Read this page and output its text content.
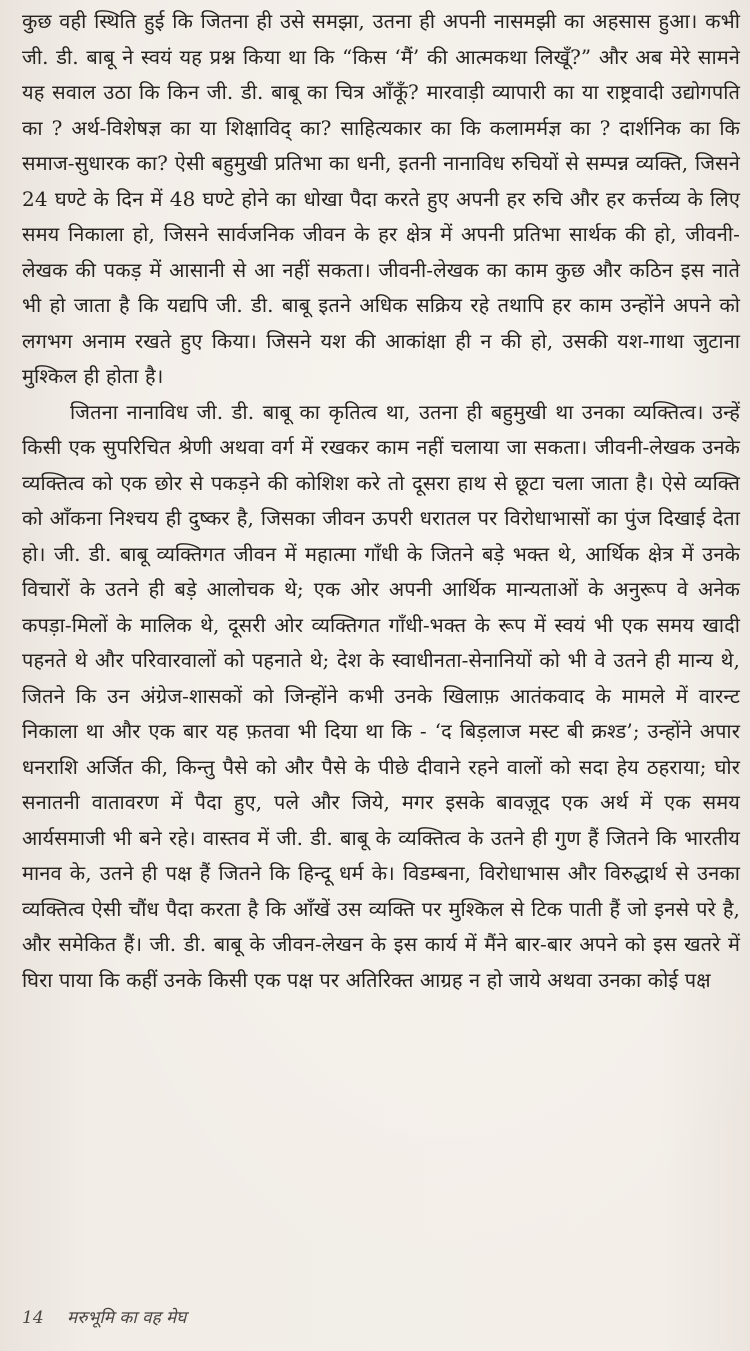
कुछ वही स्थिति हुई कि जितना ही उसे समझा, उतना ही अपनी नासमझी का अहसास हुआ। कभी जी. डी. बाबू ने स्वयं यह प्रश्न किया था कि “किस ‘मैं’ की आत्मकथा लिखूँ?” और अब मेरे सामने यह सवाल उठा कि किन जी. डी. बाबू का चित्र आँकूँ? मारवाड़ी व्यापारी का या राष्ट्रवादी उद्योगपति का ? अर्थ-विशेषज्ञ का या शिक्षाविद् का? साहित्यकार का कि कलामर्मज्ञ का ? दार्शनिक का कि समाज-सुधारक का? ऐसी बहुमुखी प्रतिभा का धनी, इतनी नानाविध रुचियों से सम्पन्न व्यक्ति, जिसने 24 घण्टे के दिन में 48 घण्टे होने का धोखा पैदा करते हुए अपनी हर रुचि और हर कर्त्तव्य के लिए समय निकाला हो, जिसने सार्वजनिक जीवन के हर क्षेत्र में अपनी प्रतिभा सार्थक की हो, जीवनी-लेखक की पकड़ में आसानी से आ नहीं सकता। जीवनी-लेखक का काम कुछ और कठिन इस नाते भी हो जाता है कि यद्यपि जी. डी. बाबू इतने अधिक सक्रिय रहे तथापि हर काम उन्होंने अपने को लगभग अनाम रखते हुए किया। जिसने यश की आकांक्षा ही न की हो, उसकी यश-गाथा जुटाना मुश्किल ही होता है।

जितना नानाविध जी. डी. बाबू का कृतित्व था, उतना ही बहुमुखी था उनका व्यक्तित्व। उन्हें किसी एक सुपरिचित श्रेणी अथवा वर्ग में रखकर काम नहीं चलाया जा सकता। जीवनी-लेखक उनके व्यक्तित्व को एक छोर से पकड़ने की कोशिश करे तो दूसरा हाथ से छूटा चला जाता है। ऐसे व्यक्ति को आँकना निश्चय ही दुष्कर है, जिसका जीवन ऊपरी धरातल पर विरोधाभासों का पुंज दिखाई देता हो। जी. डी. बाबू व्यक्तिगत जीवन में महात्मा गाँधी के जितने बड़े भक्त थे, आर्थिक क्षेत्र में उनके विचारों के उतने ही बड़े आलोचक थे; एक ओर अपनी आर्थिक मान्यताओं के अनुरूप वे अनेक कपड़ा-मिलों के मालिक थे, दूसरी ओर व्यक्तिगत गाँधी-भक्त के रूप में स्वयं भी एक समय खादी पहनते थे और परिवारवालों को पहनाते थे; देश के स्वाधीनता-सेनानियों को भी वे उतने ही मान्य थे, जितने कि उन अंग्रेज-शासकों को जिन्होंने कभी उनके खिलाफ़ आतंकवाद के मामले में वारन्ट निकाला था और एक बार यह फ़तवा भी दिया था कि - ‘द बिड़लाज मस्ट बी क्रश्ड’; उन्होंने अपार धनराशि अर्जित की, किन्तु पैसे को और पैसे के पीछे दीवाने रहने वालों को सदा हेय ठहराया; घोर सनातनी वातावरण में पैदा हुए, पले और जिये, मगर इसके बावज़ूद एक अर्थ में एक समय आर्यसमाजी भी बने रहे। वास्तव में जी. डी. बाबू के व्यक्तित्व के उतने ही गुण हैं जितने कि भारतीय मानव के, उतने ही पक्ष हैं जितने कि हिन्दू धर्म के। विडम्बना, विरोधाभास और विरुद्धार्थ से उनका व्यक्तित्व ऐसी चौंध पैदा करता है कि आँखें उस व्यक्ति पर मुश्किल से टिक पाती हैं जो इनसे परे है, और समेकित हैं। जी. डी. बाबू के जीवन-लेखन के इस कार्य में मैंने बार-बार अपने को इस खतरे में घिरा पाया कि कहीं उनके किसी एक पक्ष पर अतिरिक्त आग्रह न हो जाये अथवा उनका कोई पक्ष

14 मरुभूमि का वह मेघ
